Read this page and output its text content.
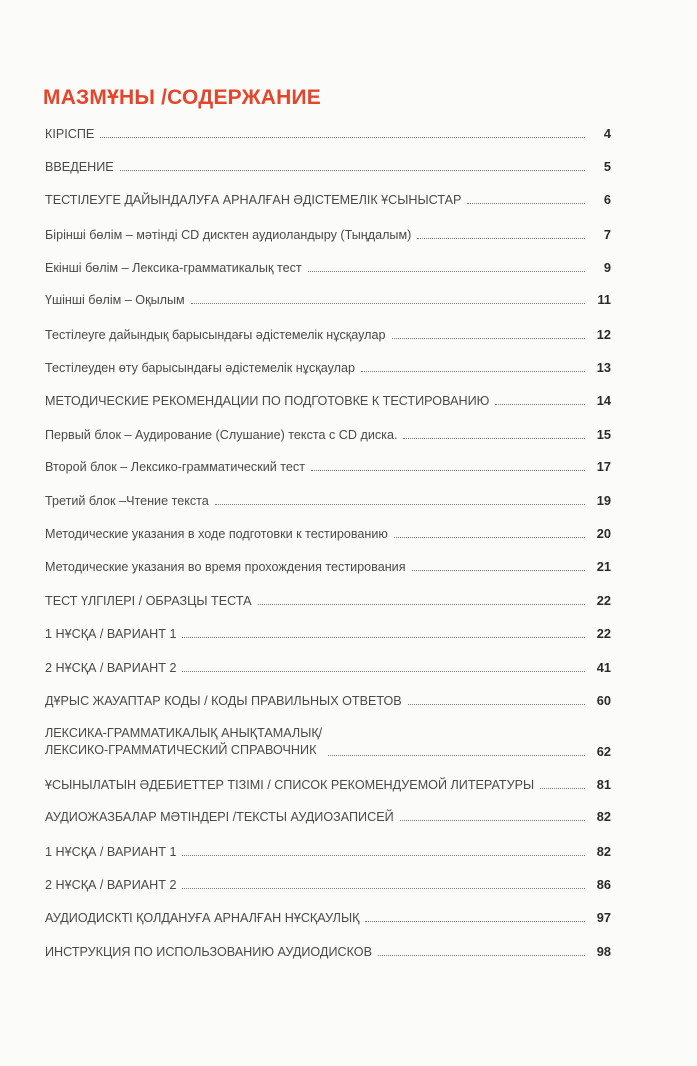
МАЗМҰНЫ /СОДЕРЖАНИЕ
КІРІСПЕ	4
ВВЕДЕНИЕ	5
ТЕСТІЛЕУГЕ ДАЙЫНДАЛУҒА АРНАЛҒАН ӘДІСТЕМЕЛІК ҰСЫНЫСТАР	6
Бірінші бөлім – мәтінді CD дисктен аудиоландыру (Тыңдалым)	7
Екінші бөлім – Лексика-грамматикалық тест	9
Үшінші бөлім – Оқылым	11
Тестілеуге дайындық барысындағы әдістемелік нұсқаулар	12
Тестілеуден өту барысындағы әдістемелік нұсқаулар	13
МЕТОДИЧЕСКИЕ РЕКОМЕНДАЦИИ ПО ПОДГОТОВКЕ К ТЕСТИРОВАНИЮ	14
Первый блок – Аудирование (Слушание) текста с CD диска.	15
Второй блок – Лексико-грамматический тест	17
Третий блок –Чтение текста	19
Методические указания в ходе подготовки к тестированию	20
Методические указания во время прохождения тестирования	21
ТЕСТ ҮЛГІЛЕРІ / ОБРАЗЦЫ ТЕСТА	22
1 НҰСҚА / ВАРИАНТ 1	22
2 НҰСҚА / ВАРИАНТ 2	41
ДҰРЫС ЖАУАПТАР КОДЫ / КОДЫ ПРАВИЛЬНЫХ ОТВЕТОВ	60
ЛЕКСИКА-ГРАММАТИКАЛЫҚ АНЫҚТАМАЛЫҚ/
ЛЕКСИКО-ГРАММАТИЧЕСКИЙ СПРАВОЧНИК	62
ҰСЫНЫЛАТЫН ӘДЕБИЕТТЕР ТІЗІМІ / СПИСОК РЕКОМЕНДУЕМОЙ ЛИТЕРАТУРЫ	81
АУДИОЖАЗБАЛАР МӘТІНДЕРІ /ТЕКСТЫ АУДИОЗАПИСЕЙ	82
1 НҰСҚА / ВАРИАНТ 1	82
2 НҰСҚА / ВАРИАНТ 2	86
АУДИОДИСКТІ ҚОЛДАНУҒА АРНАЛҒАН НҰСҚАУЛЫҚ	97
ИНСТРУКЦИЯ ПО ИСПОЛЬЗОВАНИЮ АУДИОДИСКОВ	98
